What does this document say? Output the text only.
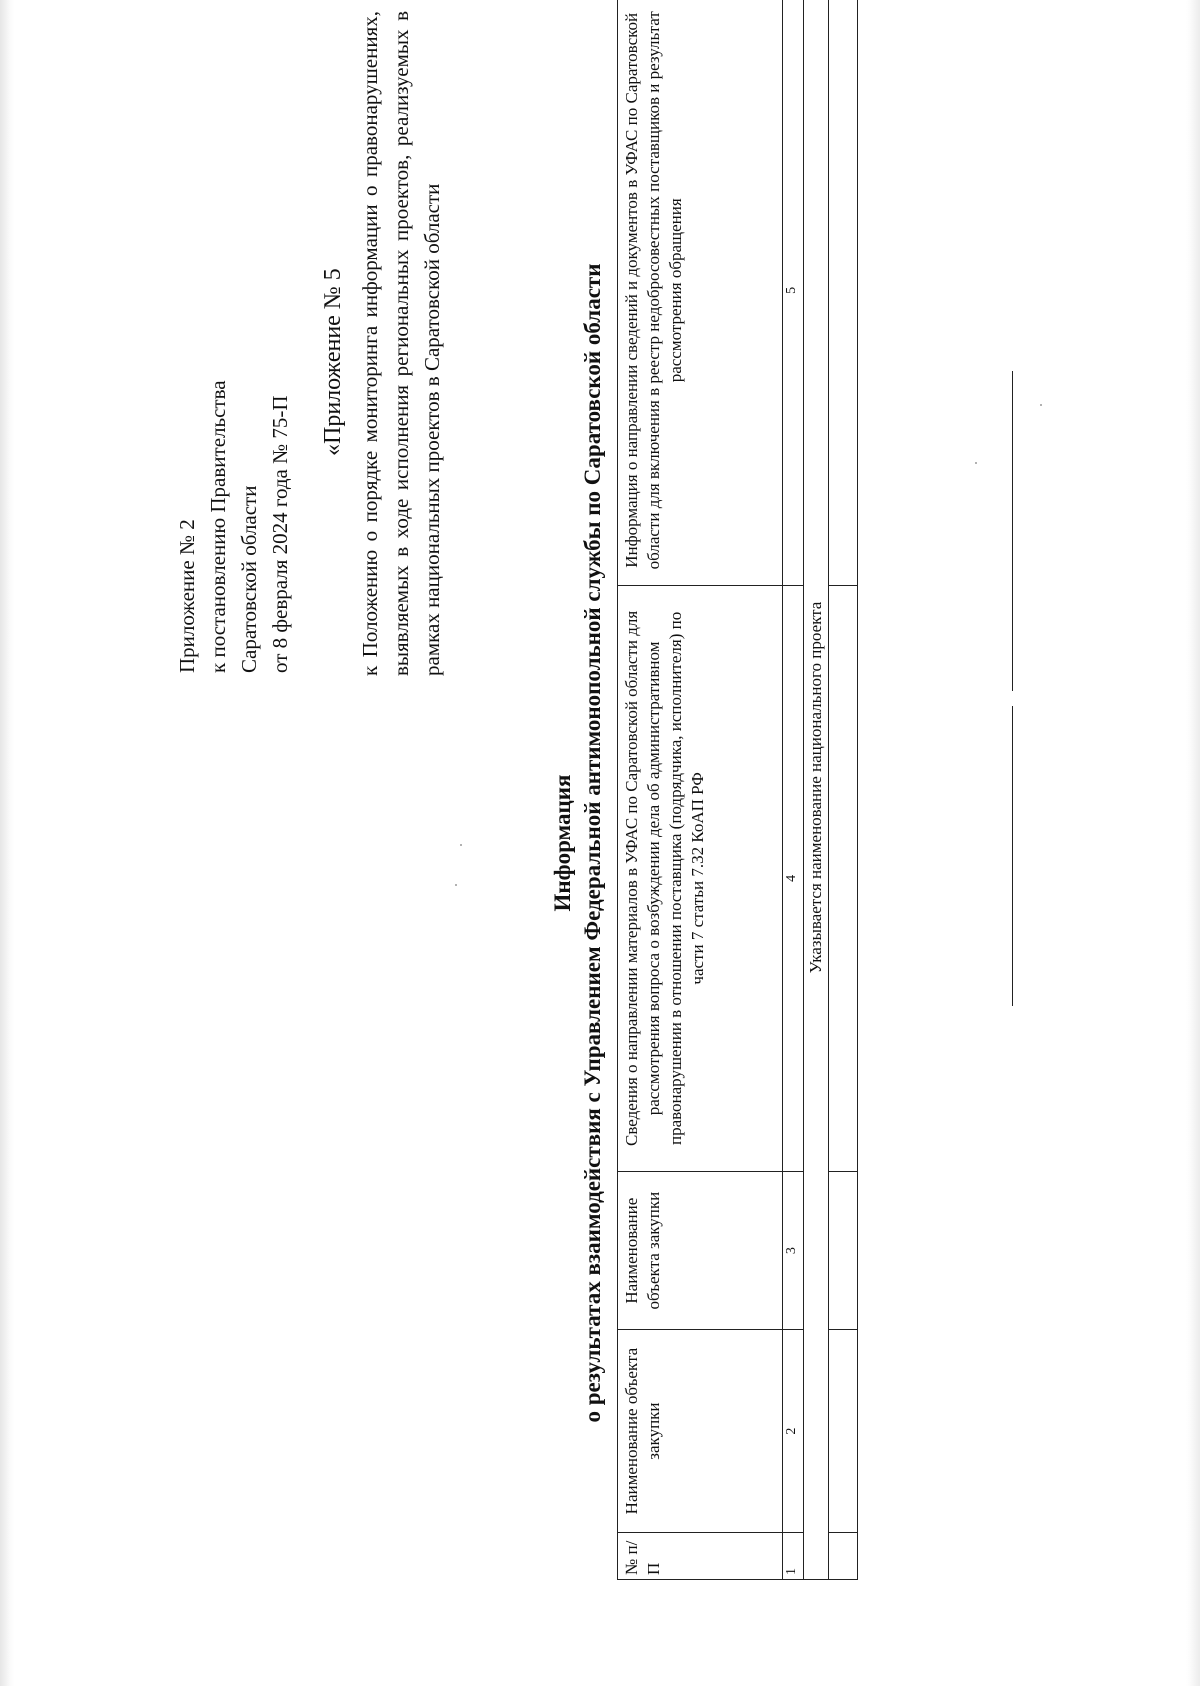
Приложение № 2 к постановлению Правительства Саратовской области от 8 февраля 2024 года № 75-П
«Приложение № 5 к Положению о порядке мониторинга информации о правонарушениях, выявляемых в ходе исполнения региональных проектов, реализуемых в рамках национальных проектов в Саратовской области
Информация о результатах взаимодействия с Управлением Федеральной антимонопольной службы по Саратовской области
№ п/П	Наименование объекта закупки	Наименование объекта закупки	Сведения о направлении материалов в УФАС по Саратовской области для рассмотрения вопроса о возбуждении дела об административном правонарушении в отношении поставщика (подрядчика, исполнителя) по части 7 статьи 7.32 КоАП РФ	Информация о направлении сведений и документов в УФАС по Саратовской области для включения в реестр недобросовестных поставщиков и результат рассмотрения обращения
1	2	3	4	5
Указывается наименование национального проекта				
